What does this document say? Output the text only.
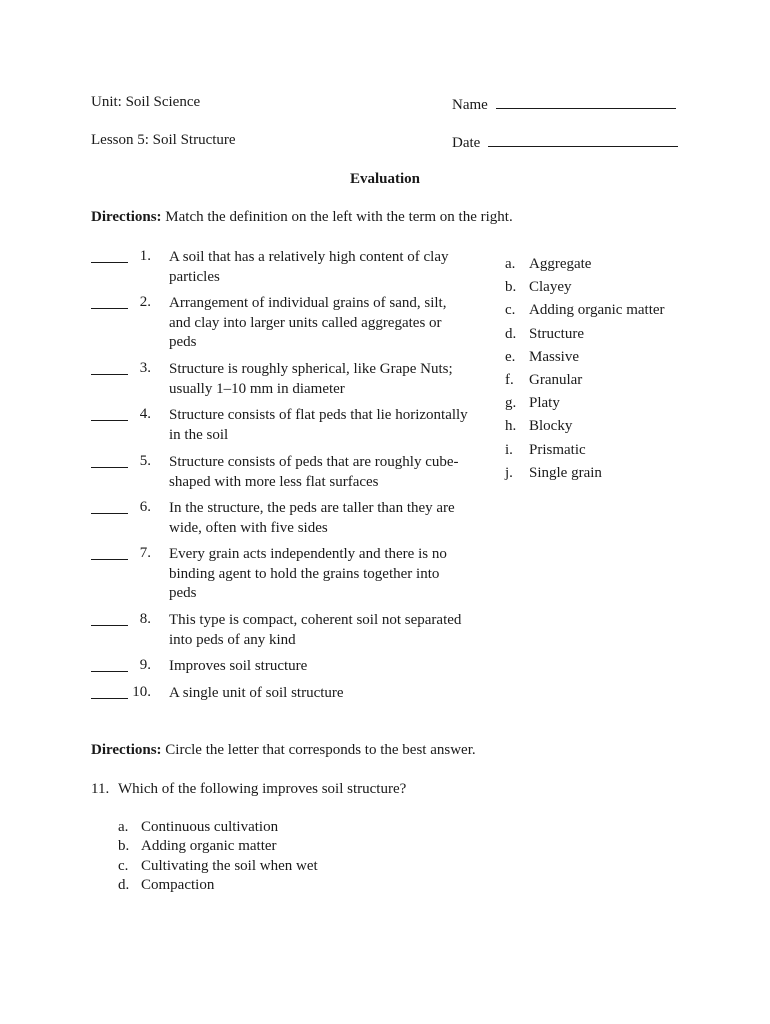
Unit: Soil Science	Name
Lesson 5: Soil Structure	Date
Evaluation
Directions: Match the definition on the left with the term on the right.
1. A soil that has a relatively high content of clay particles
2. Arrangement of individual grains of sand, silt, and clay into larger units called aggregates or peds
3. Structure is roughly spherical, like Grape Nuts; usually 1–10 mm in diameter
4. Structure consists of flat peds that lie horizontally in the soil
5. Structure consists of peds that are roughly cube-shaped with more less flat surfaces
6. In the structure, the peds are taller than they are wide, often with five sides
7. Every grain acts independently and there is no binding agent to hold the grains together into peds
8. This type is compact, coherent soil not separated into peds of any kind
9. Improves soil structure
10. A single unit of soil structure
a. Aggregate
b. Clayey
c. Adding organic matter
d. Structure
e. Massive
f. Granular
g. Platy
h. Blocky
i. Prismatic
j. Single grain
Directions: Circle the letter that corresponds to the best answer.
11. Which of the following improves soil structure?
a. Continuous cultivation
b. Adding organic matter
c. Cultivating the soil when wet
d. Compaction
